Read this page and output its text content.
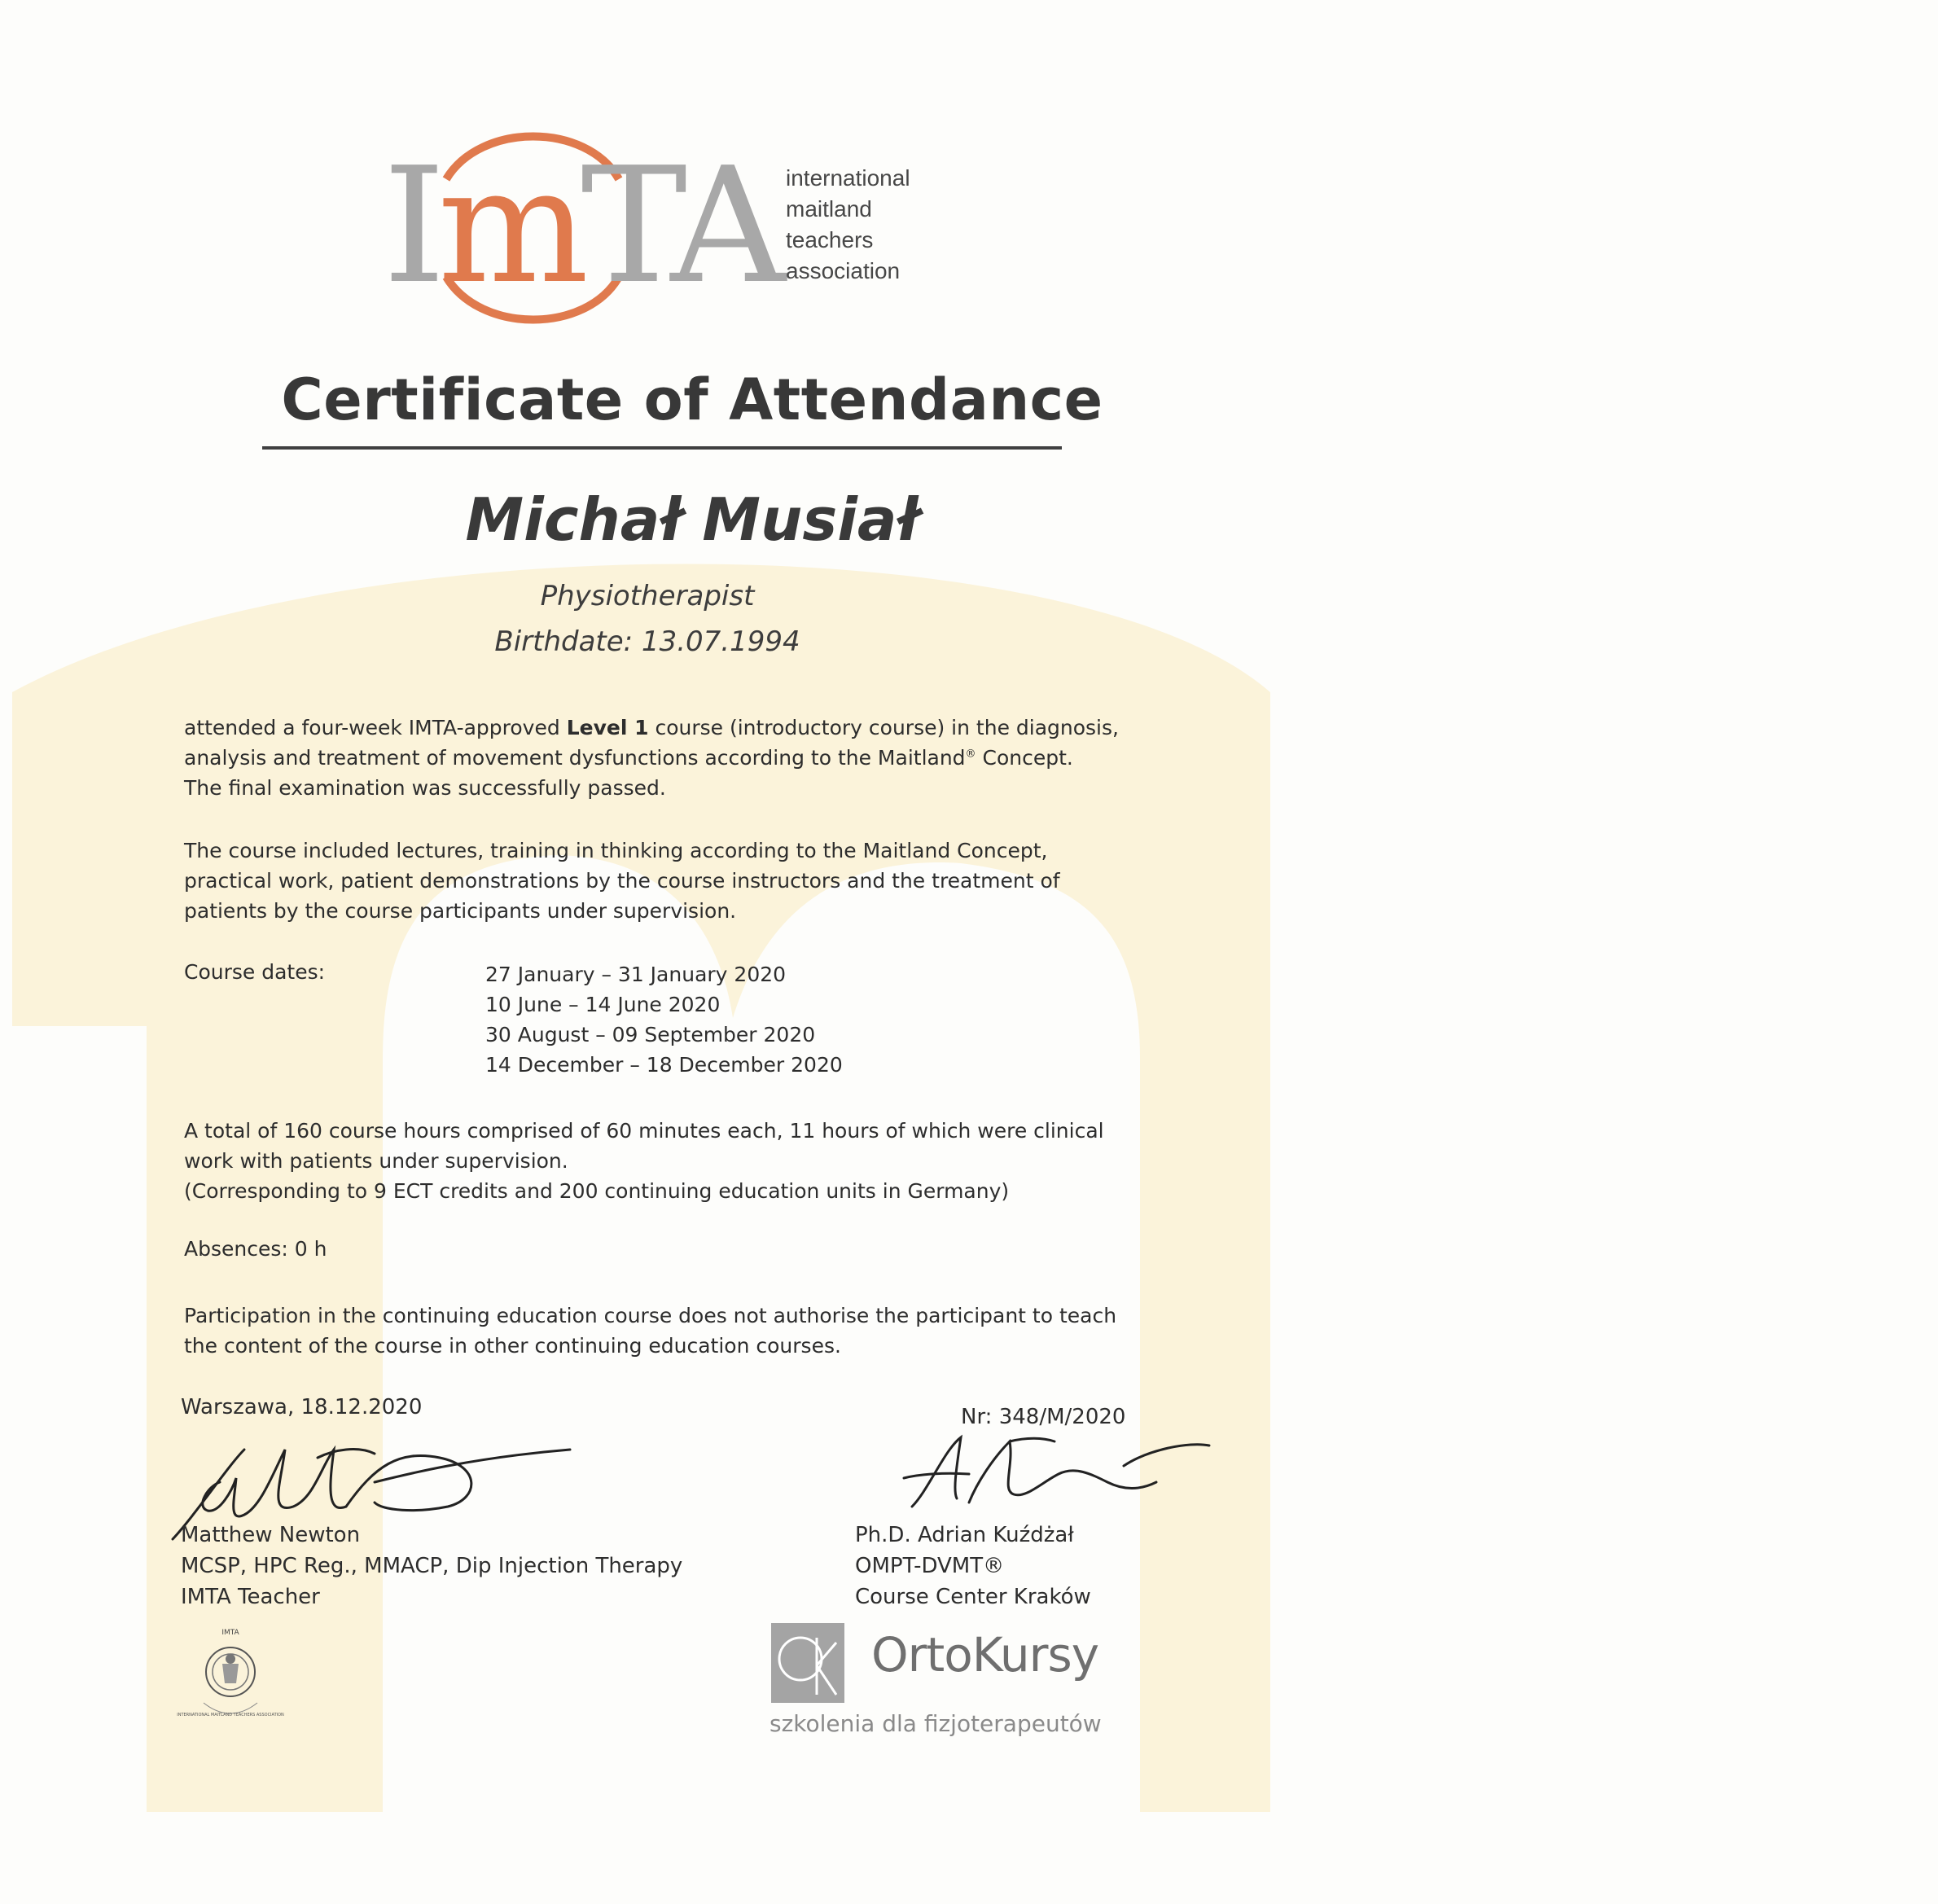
ImTA international
maitland
teachers
association
Certificate of Attendance
Michał Musiał
Physiotherapist
Birthdate: 13.07.1994
attended a four-week IMTA-approved Level 1 course (introductory course) in the diagnosis,
analysis and treatment of movement dysfunctions according to the Maitland® Concept.
The final examination was successfully passed.
The course included lectures, training in thinking according to the Maitland Concept,
practical work, patient demonstrations by the course instructors and the treatment of
patients by the course participants under supervision.
Course dates:	27 January – 31 January 2020
10 June – 14 June 2020
30 August – 09 September 2020
14 December – 18 December 2020
A total of 160 course hours comprised of 60 minutes each, 11 hours of which were clinical
work with patients under supervision.
(Corresponding to 9 ECT credits and 200 continuing education units in Germany)
Absences: 0 h
Participation in the continuing education course does not authorise the participant to teach
the content of the course in other continuing education courses.
Warszawa, 18.12.2020	Nr: 348/M/2020
Matthew Newton
MCSP, HPC Reg., MMACP, Dip Injection Therapy
IMTA Teacher
Ph.D. Adrian Kuźdżał
OMPT-DVMT®
Course Center Kraków
IMTA
INTERNATIONAL MAITLAND TEACHERS ASSOCIATION
OrtoKursy
szkolenia dla fizjoterapeutów
